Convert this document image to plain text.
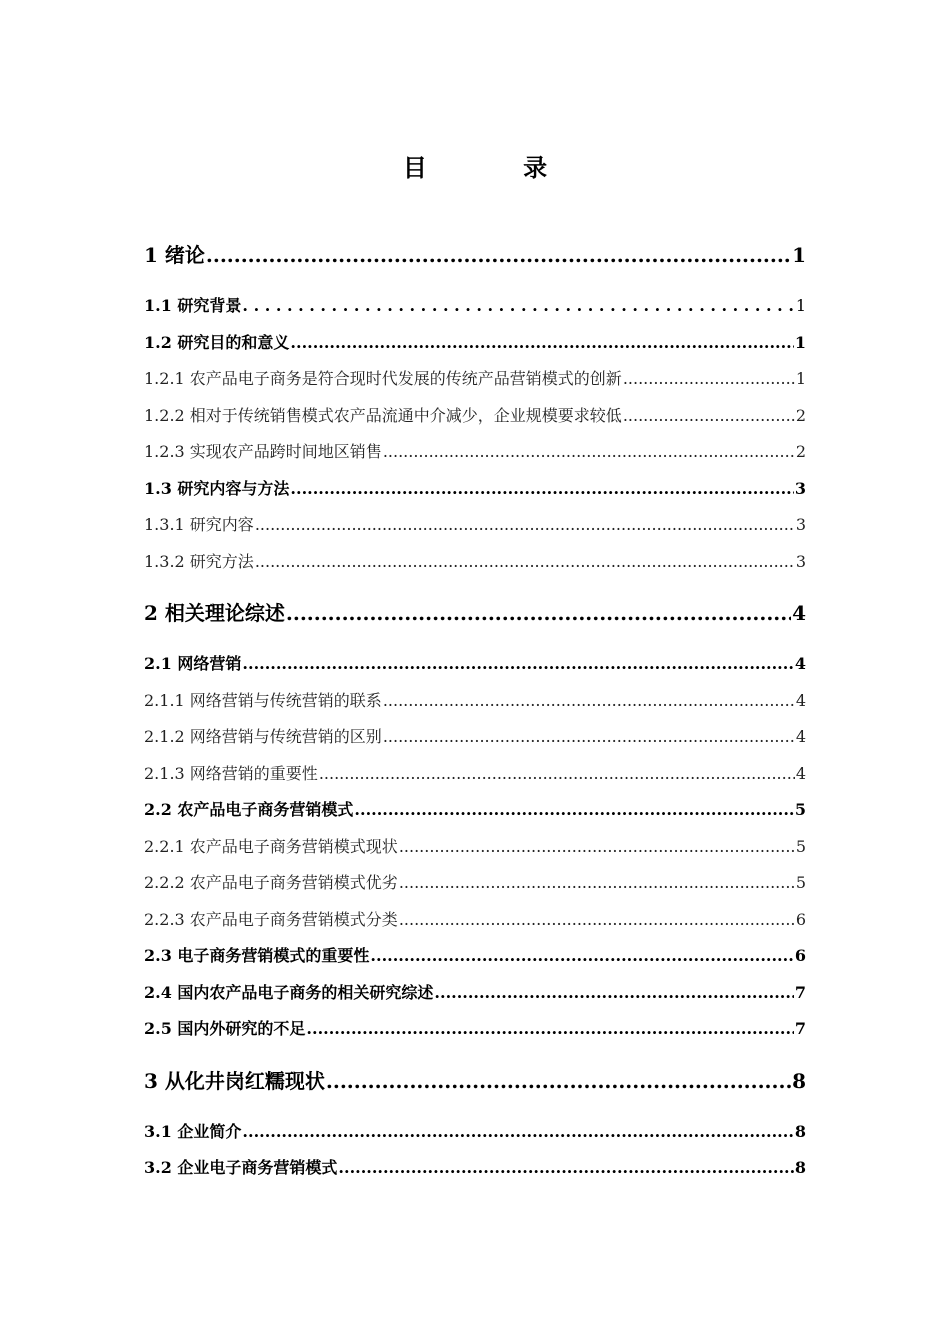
目 录
1 绪论 .....	1
1.1 研究背景 . . .	1
1.2 研究目的和意义 .....	1
1.2.1 农产品电子商务是符合现时代发展的传统产品营销模式的创新 .....	1
1.2.2 相对于传统销售模式农产品流通中介减少，企业规模要求较低 .....	2
1.2.3 实现农产品跨时间地区销售 .....	2
1.3 研究内容与方法 .....	3
1.3.1 研究内容 .....	3
1.3.2 研究方法 .....	3
2 相关理论综述 .....	4
2.1 网络营销 .....	4
2.1.1 网络营销与传统营销的联系 .....	4
2.1.2 网络营销与传统营销的区别 .....	4
2.1.3 网络营销的重要性 .....	4
2.2 农产品电子商务营销模式 .....	5
2.2.1 农产品电子商务营销模式现状 .....	5
2.2.2 农产品电子商务营销模式优劣 .....	5
2.2.3 农产品电子商务营销模式分类 .....	6
2.3 电子商务营销模式的重要性 .....	6
2.4 国内农产品电子商务的相关研究综述 .....	7
2.5 国内外研究的不足 .....	7
3 从化井岗红糯现状 .....	8
3.1 企业简介 .....	8
3.2 企业电子商务营销模式 .....	8
